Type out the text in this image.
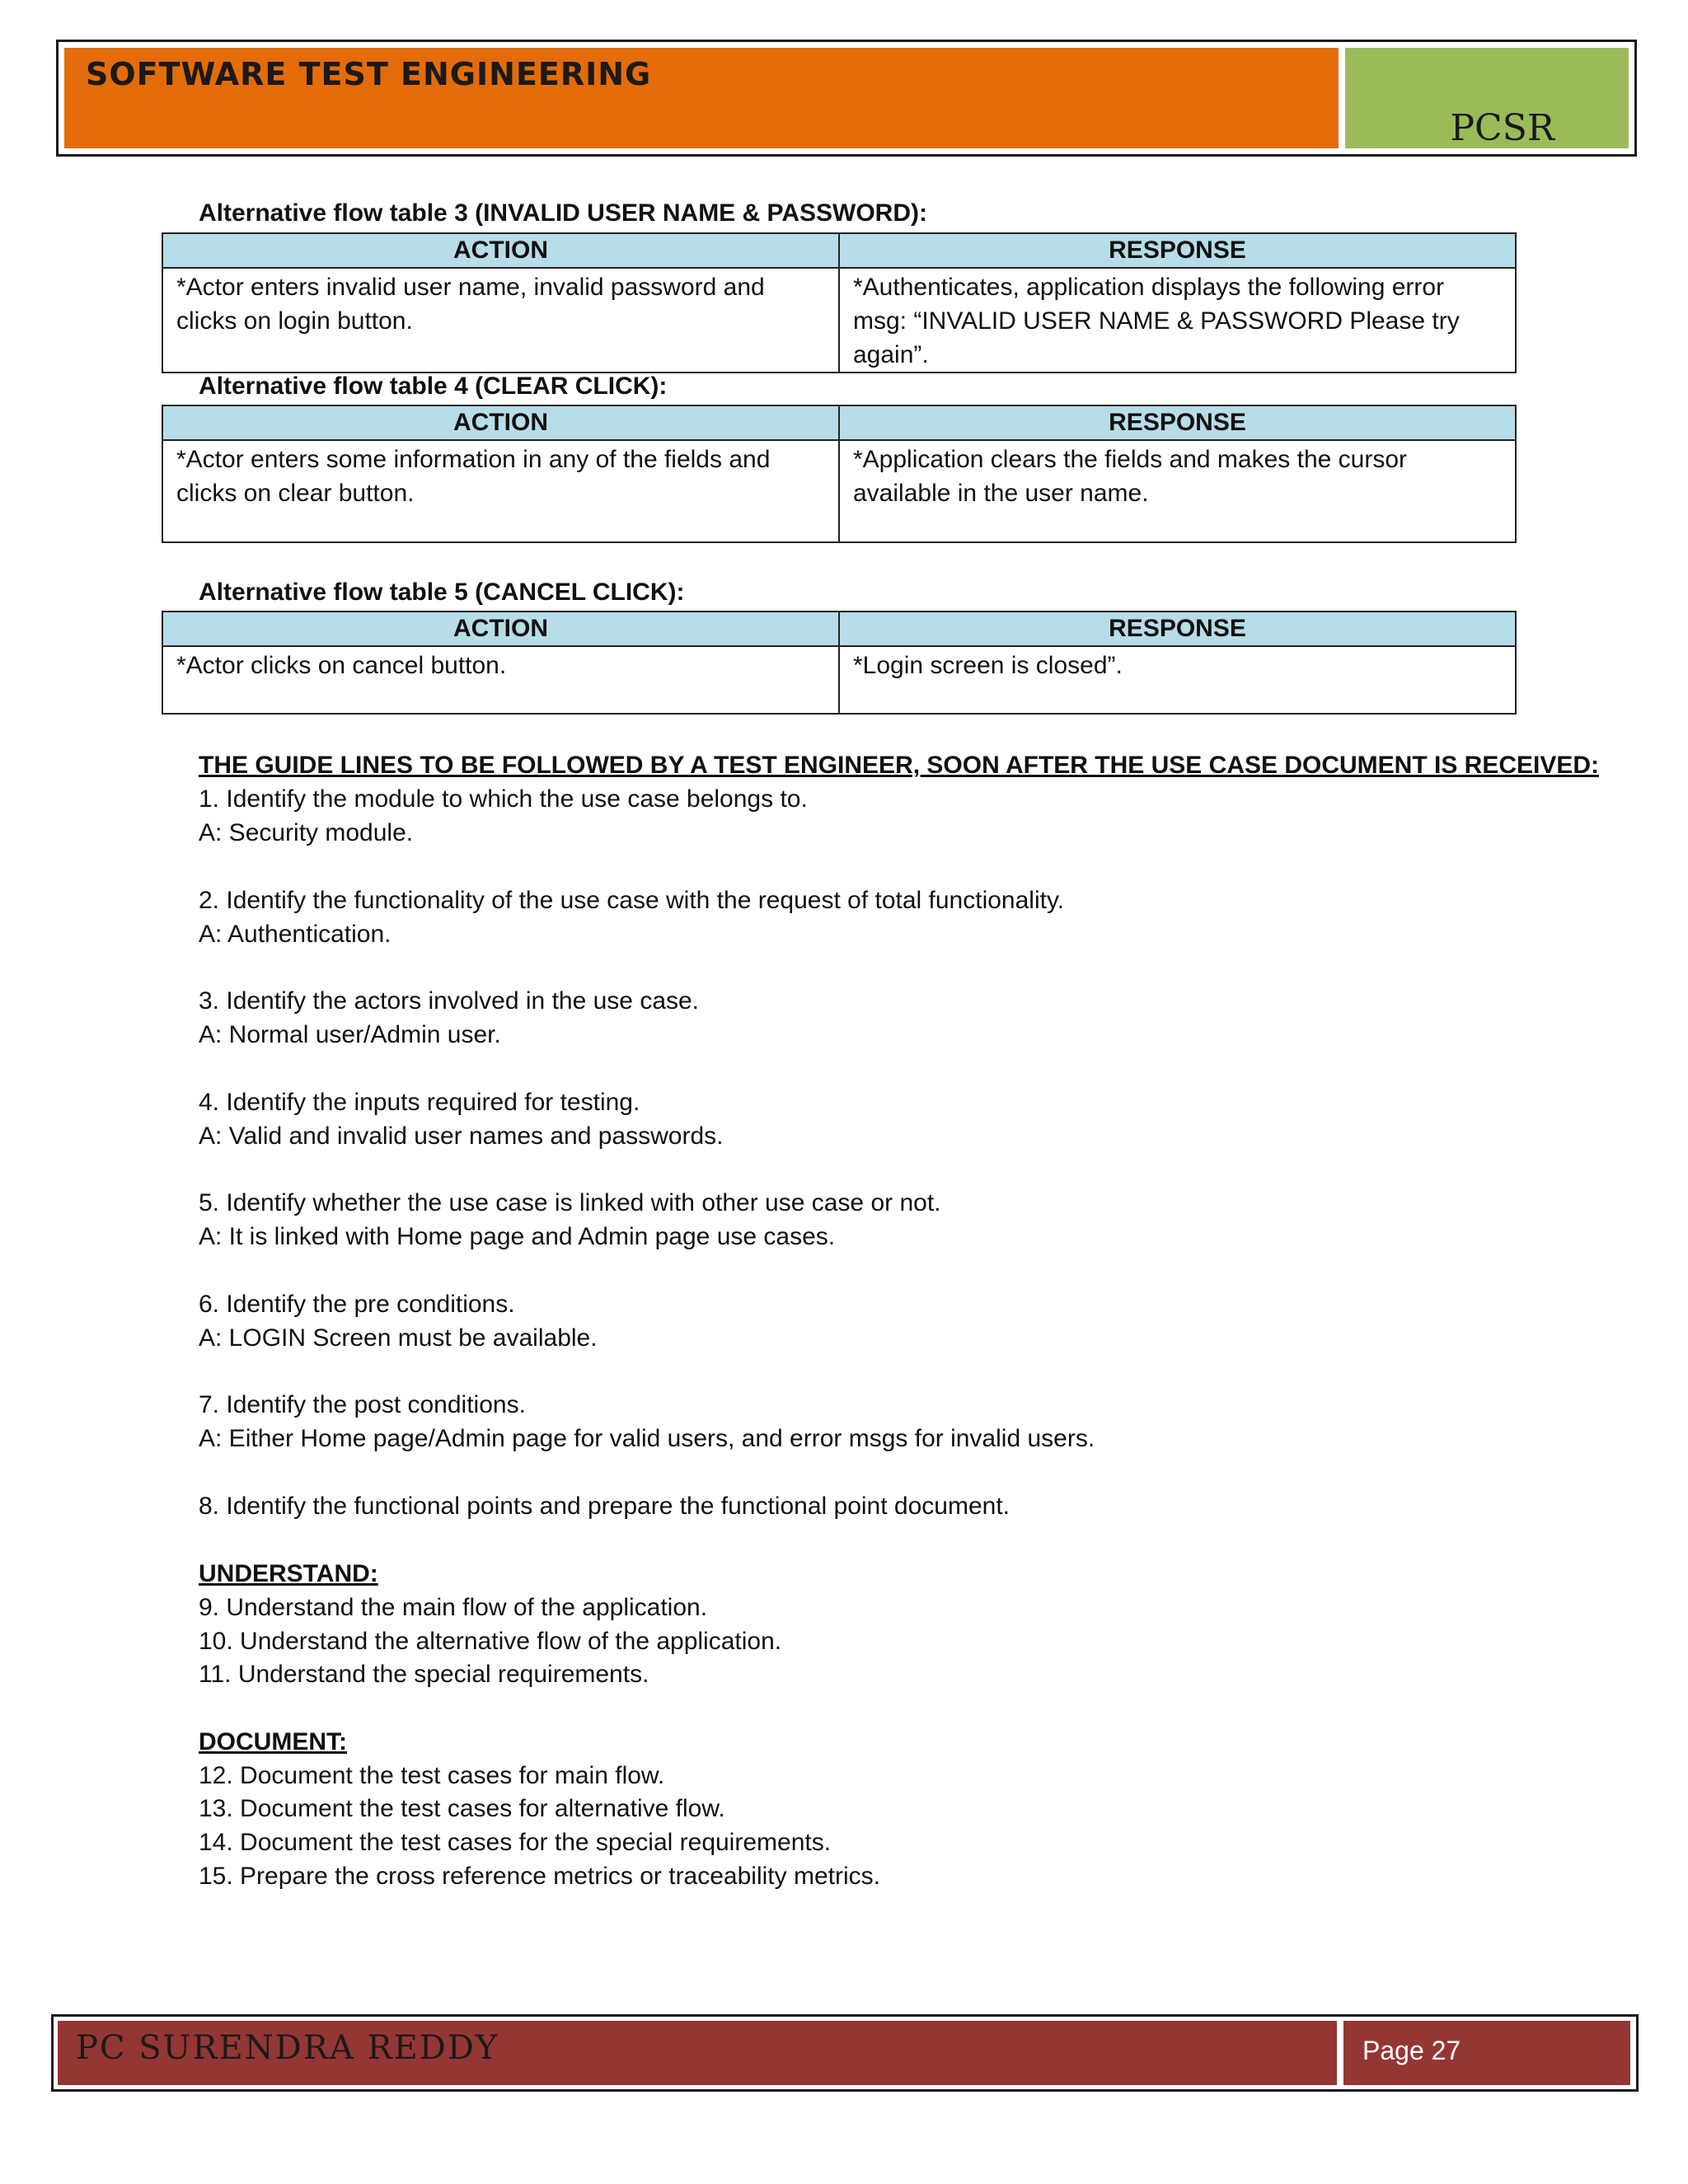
SOFTWARE TEST ENGINEERING
PCSR
Alternative flow table 3 (INVALID USER NAME & PASSWORD):
ACTION	RESPONSE
*Actor enters invalid user name, invalid password and clicks on login button.	*Authenticates, application displays the following error msg: “INVALID USER NAME & PASSWORD Please try again”.
Alternative flow table 4 (CLEAR CLICK):
ACTION	RESPONSE
*Actor enters some information in any of the fields and clicks on clear button.	*Application clears the fields and makes the cursor available in the user name.
Alternative flow table 5 (CANCEL CLICK):
ACTION	RESPONSE
*Actor clicks on cancel button.	*Login screen is closed”.
THE GUIDE LINES TO BE FOLLOWED BY A TEST ENGINEER, SOON AFTER THE USE CASE DOCUMENT IS RECEIVED:
1. Identify the module to which the use case belongs to.
A: Security module.
2. Identify the functionality of the use case with the request of total functionality.
A: Authentication.
3. Identify the actors involved in the use case.
A: Normal user/Admin user.
4. Identify the inputs required for testing.
A: Valid and invalid user names and passwords.
5. Identify whether the use case is linked with other use case or not.
A: It is linked with Home page and Admin page use cases.
6. Identify the pre conditions.
A: LOGIN Screen must be available.
7. Identify the post conditions.
A: Either Home page/Admin page for valid users, and error msgs for invalid users.
8. Identify the functional points and prepare the functional point document.
UNDERSTAND:
9. Understand the main flow of the application.
10. Understand the alternative flow of the application.
11. Understand the special requirements.
DOCUMENT:
12. Document the test cases for main flow.
13. Document the test cases for alternative flow.
14. Document the test cases for the special requirements.
15. Prepare the cross reference metrics or traceability metrics.
PC SURENDRA REDDY	Page 27
